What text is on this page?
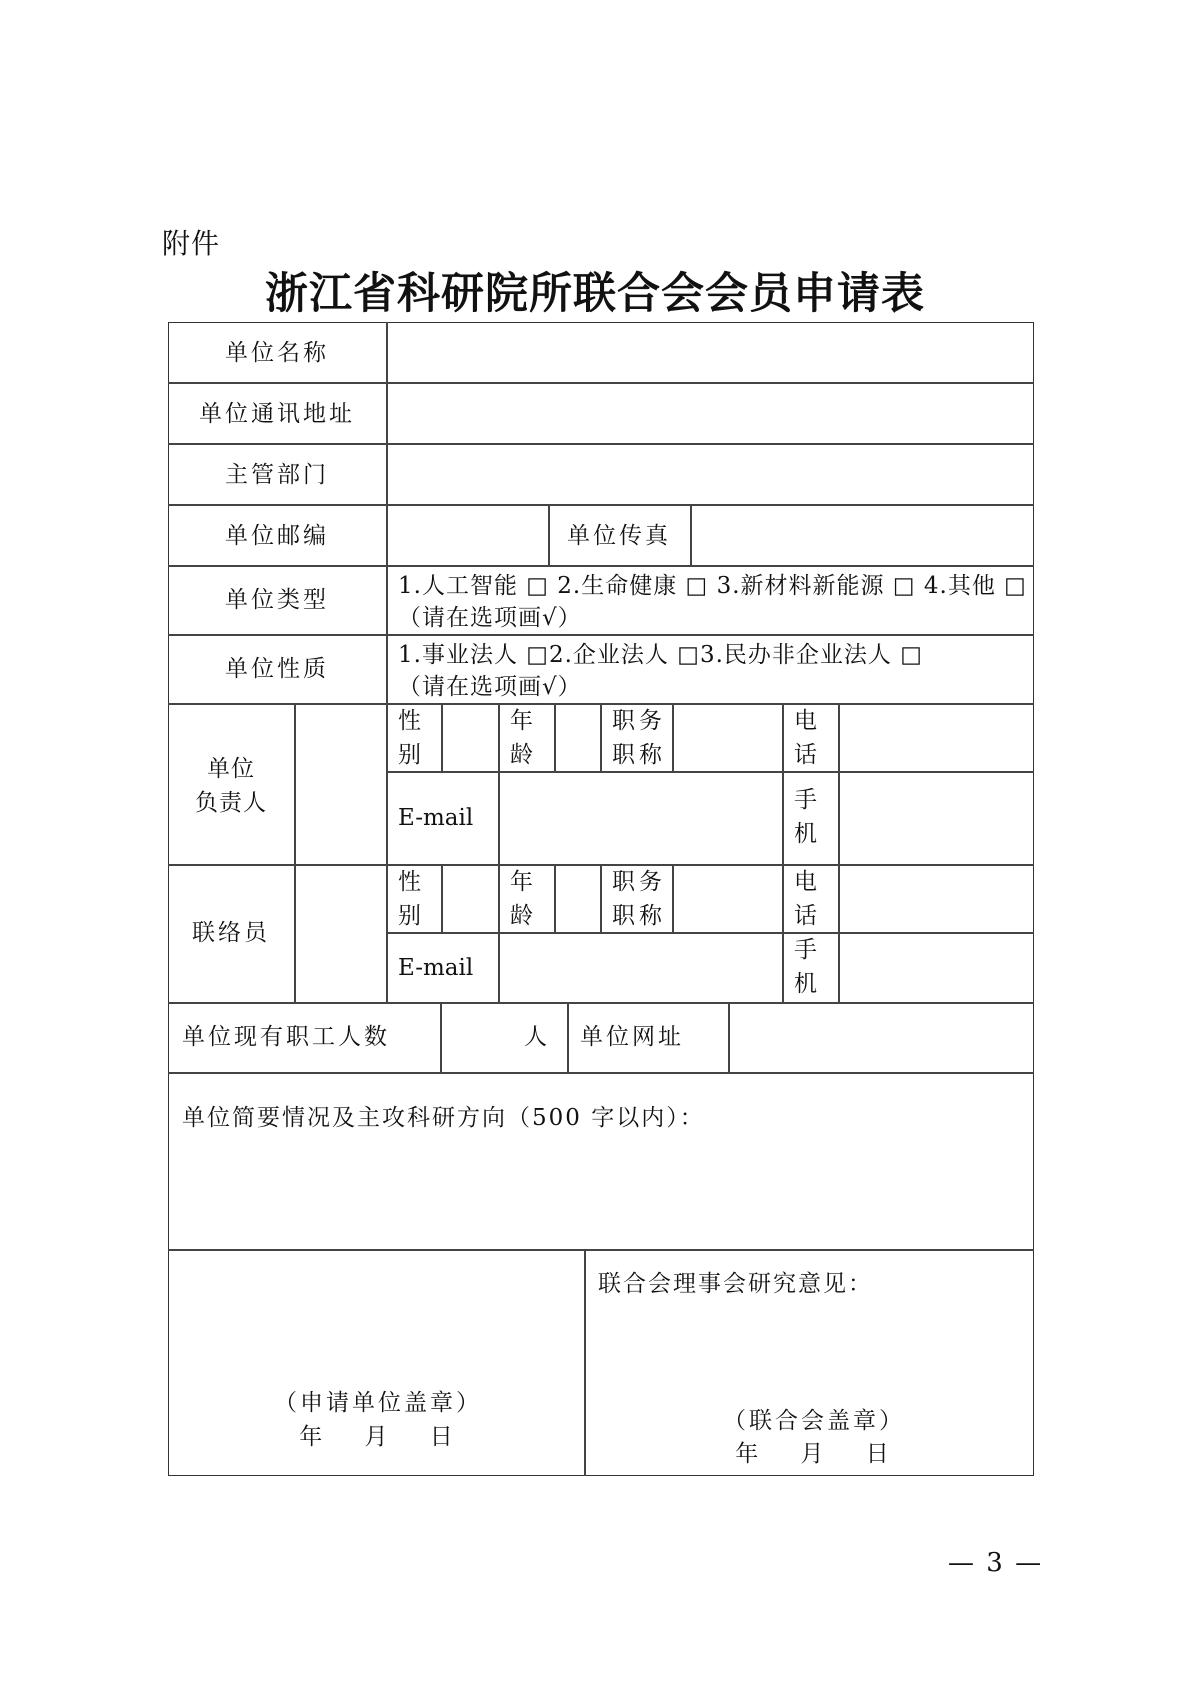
附件
浙江省科研院所联合会会员申请表
单位名称
单位通讯地址
主管部门
单位邮编	单位传真
单位类型
1.人工智能 □ 2.生命健康 □ 3.新材料新能源 □ 4.其他 □
（请在选项画√）
单位性质
1.事业法人 □2.企业法人 □3.民办非企业法人 □
（请在选项画√）
单位
负责人
性
别
年
龄
职务
职称
电
话
E-mail
手
机
联络员
性
别
年
龄
职务
职称
电
话
E-mail
手
机
单位现有职工人数	人 单位网址
单位简要情况及主攻科研方向（500 字以内）：
联合会理事会研究意见：
（申请单位盖章）
年　 月　 日
（联合会盖章）
年　 月　 日
— 3 —
